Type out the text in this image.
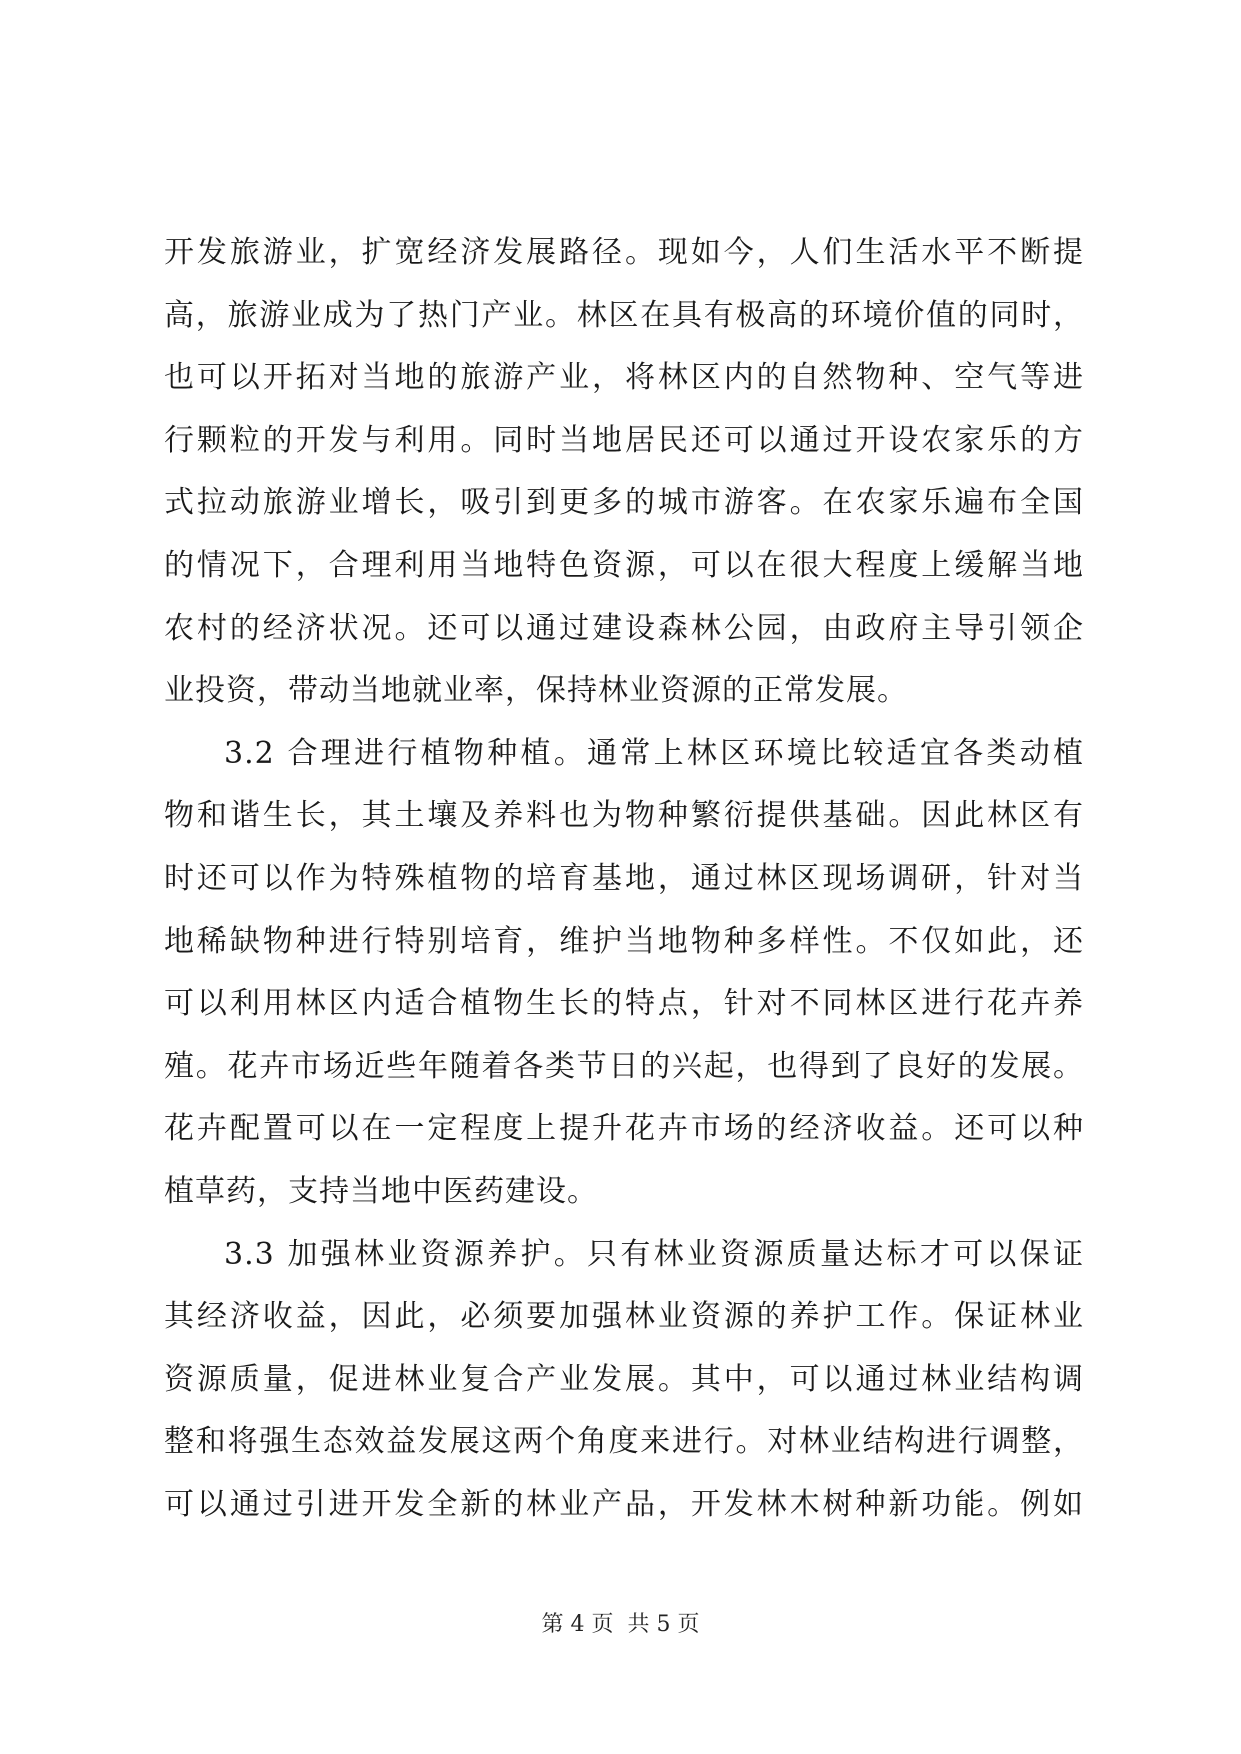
开发旅游业，扩宽经济发展路径。现如今，人们生活水平不断提
高，旅游业成为了热门产业。林区在具有极高的环境价值的同时，
也可以开拓对当地的旅游产业，将林区内的自然物种、空气等进
行颗粒的开发与利用。同时当地居民还可以通过开设农家乐的方
式拉动旅游业增长，吸引到更多的城市游客。在农家乐遍布全国
的情况下，合理利用当地特色资源，可以在很大程度上缓解当地
农村的经济状况。还可以通过建设森林公园，由政府主导引领企
业投资，带动当地就业率，保持林业资源的正常发展。
3.2 合理进行植物种植。通常上林区环境比较适宜各类动植
物和谐生长，其土壤及养料也为物种繁衍提供基础。因此林区有
时还可以作为特殊植物的培育基地，通过林区现场调研，针对当
地稀缺物种进行特别培育，维护当地物种多样性。不仅如此，还
可以利用林区内适合植物生长的特点，针对不同林区进行花卉养
殖。花卉市场近些年随着各类节日的兴起，也得到了良好的发展。
花卉配置可以在一定程度上提升花卉市场的经济收益。还可以种
植草药，支持当地中医药建设。
3.3 加强林业资源养护。只有林业资源质量达标才可以保证
其经济收益，因此，必须要加强林业资源的养护工作。保证林业
资源质量，促进林业复合产业发展。其中，可以通过林业结构调
整和将强生态效益发展这两个角度来进行。对林业结构进行调整，
可以通过引进开发全新的林业产品，开发林木树种新功能。例如
第 4 页 共 5 页
